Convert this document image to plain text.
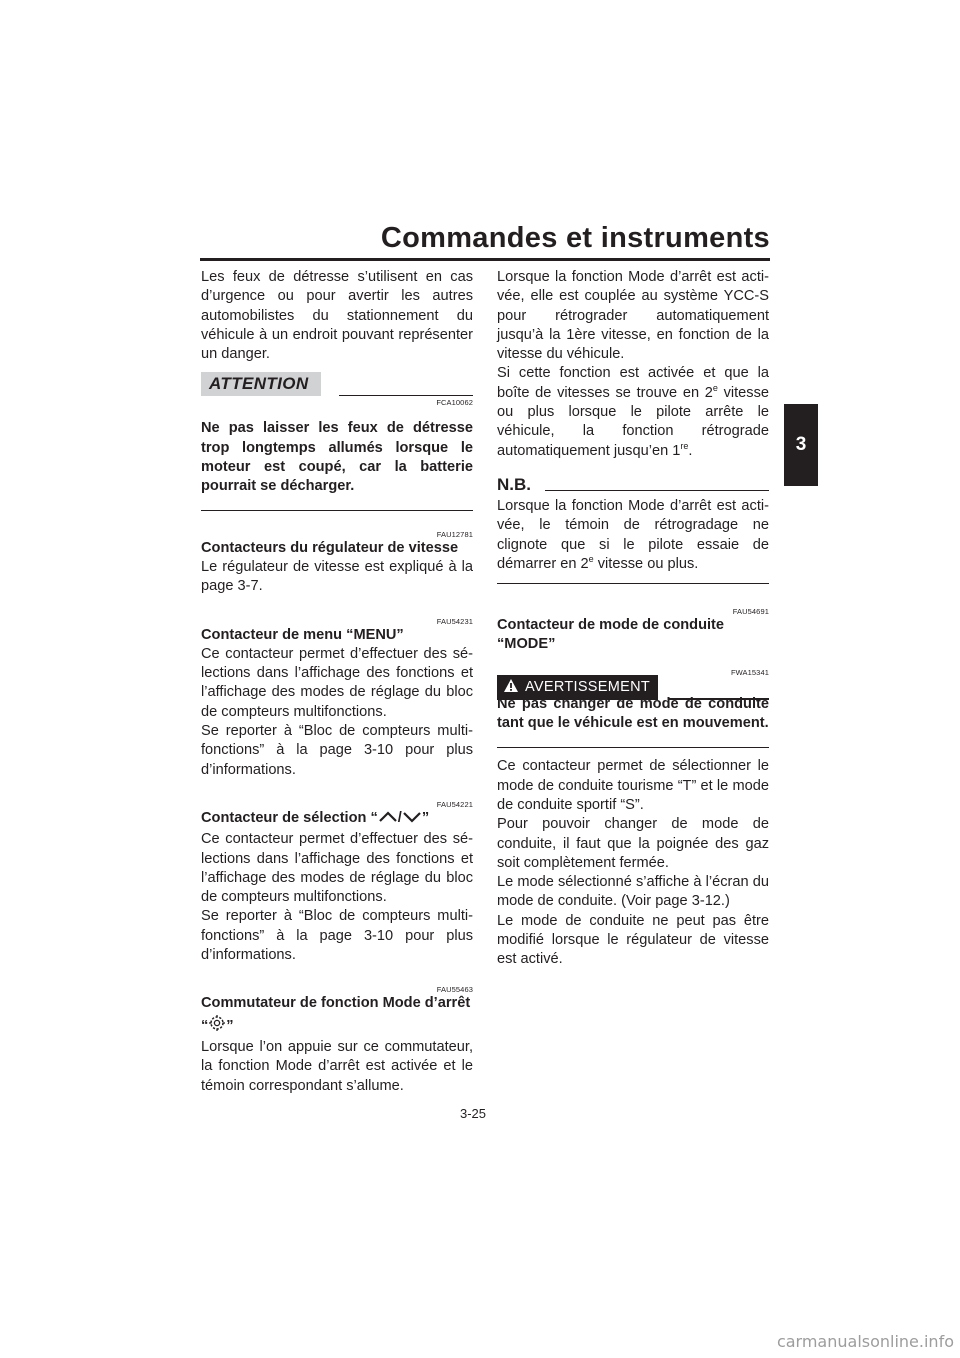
Commandes et instruments
3

Les feux de détresse s’utilisent en cas d’urgence ou pour avertir les autres automobilistes du stationnement du véhicule à un endroit pouvant représenter un danger.

ATTENTION

FCA10062

Ne pas laisser les feux de détresse trop longtemps allumés lorsque le moteur est coupé, car la batterie pourrait se décharger.

FAU12781

Contacteurs du régulateur de vitesse

Le régulateur de vitesse est expliqué à la page 3-7.

FAU54231

Contacteur de menu “MENU”

Ce contacteur permet d’effectuer des sélections dans l’affichage des fonctions et l’affichage des modes de réglage du bloc de compteurs multifonctions.

Se reporter à “Bloc de compteurs multifonctions” à la page 3-10 pour plus d’informations.

FAU54221

Contacteur de sélection “ / ”

Ce contacteur permet d’effectuer des sélections dans l’affichage des fonctions et l’affichage des modes de réglage du bloc de compteurs multifonctions.

Se reporter à “Bloc de compteurs multifonctions” à la page 3-10 pour plus d’informations.

FAU55463

Commutateur de fonction Mode d’arrêt

“ ”

Lorsque l’on appuie sur ce commutateur, la fonction Mode d’arrêt est activée et le témoin correspondant s’allume.

Lorsque la fonction Mode d’arrêt est activée, elle est couplée au système YCC-S pour rétrograder automatiquement jusqu’à la 1ère vitesse, en fonction de la vitesse du véhicule.

Si cette fonction est activée et que la boîte de vitesses se trouve en 2e vitesse ou plus lorsque le pilote arrête le véhicule, la fonction rétrograde automatiquement jusqu’en 1re.

N.B.

Lorsque la fonction Mode d’arrêt est activée, le témoin de rétrogradage ne clignote que si le pilote essaie de démarrer en 2e vitesse ou plus.

FAU54691

Contacteur de mode de conduite

“MODE”

AVERTISSEMENT

FWA15341

Ne pas changer de mode de conduite tant que le véhicule est en mouvement.

Ce contacteur permet de sélectionner le mode de conduite tourisme “T” et le mode de conduite sportif “S”.

Pour pouvoir changer de mode de conduite, il faut que la poignée des gaz soit complètement fermée.

Le mode sélectionné s’affiche à l’écran du mode de conduite. (Voir page 3-12.)

Le mode de conduite ne peut pas être modifié lorsque le régulateur de vitesse est activé.

3-25
carmanualsonline.info
